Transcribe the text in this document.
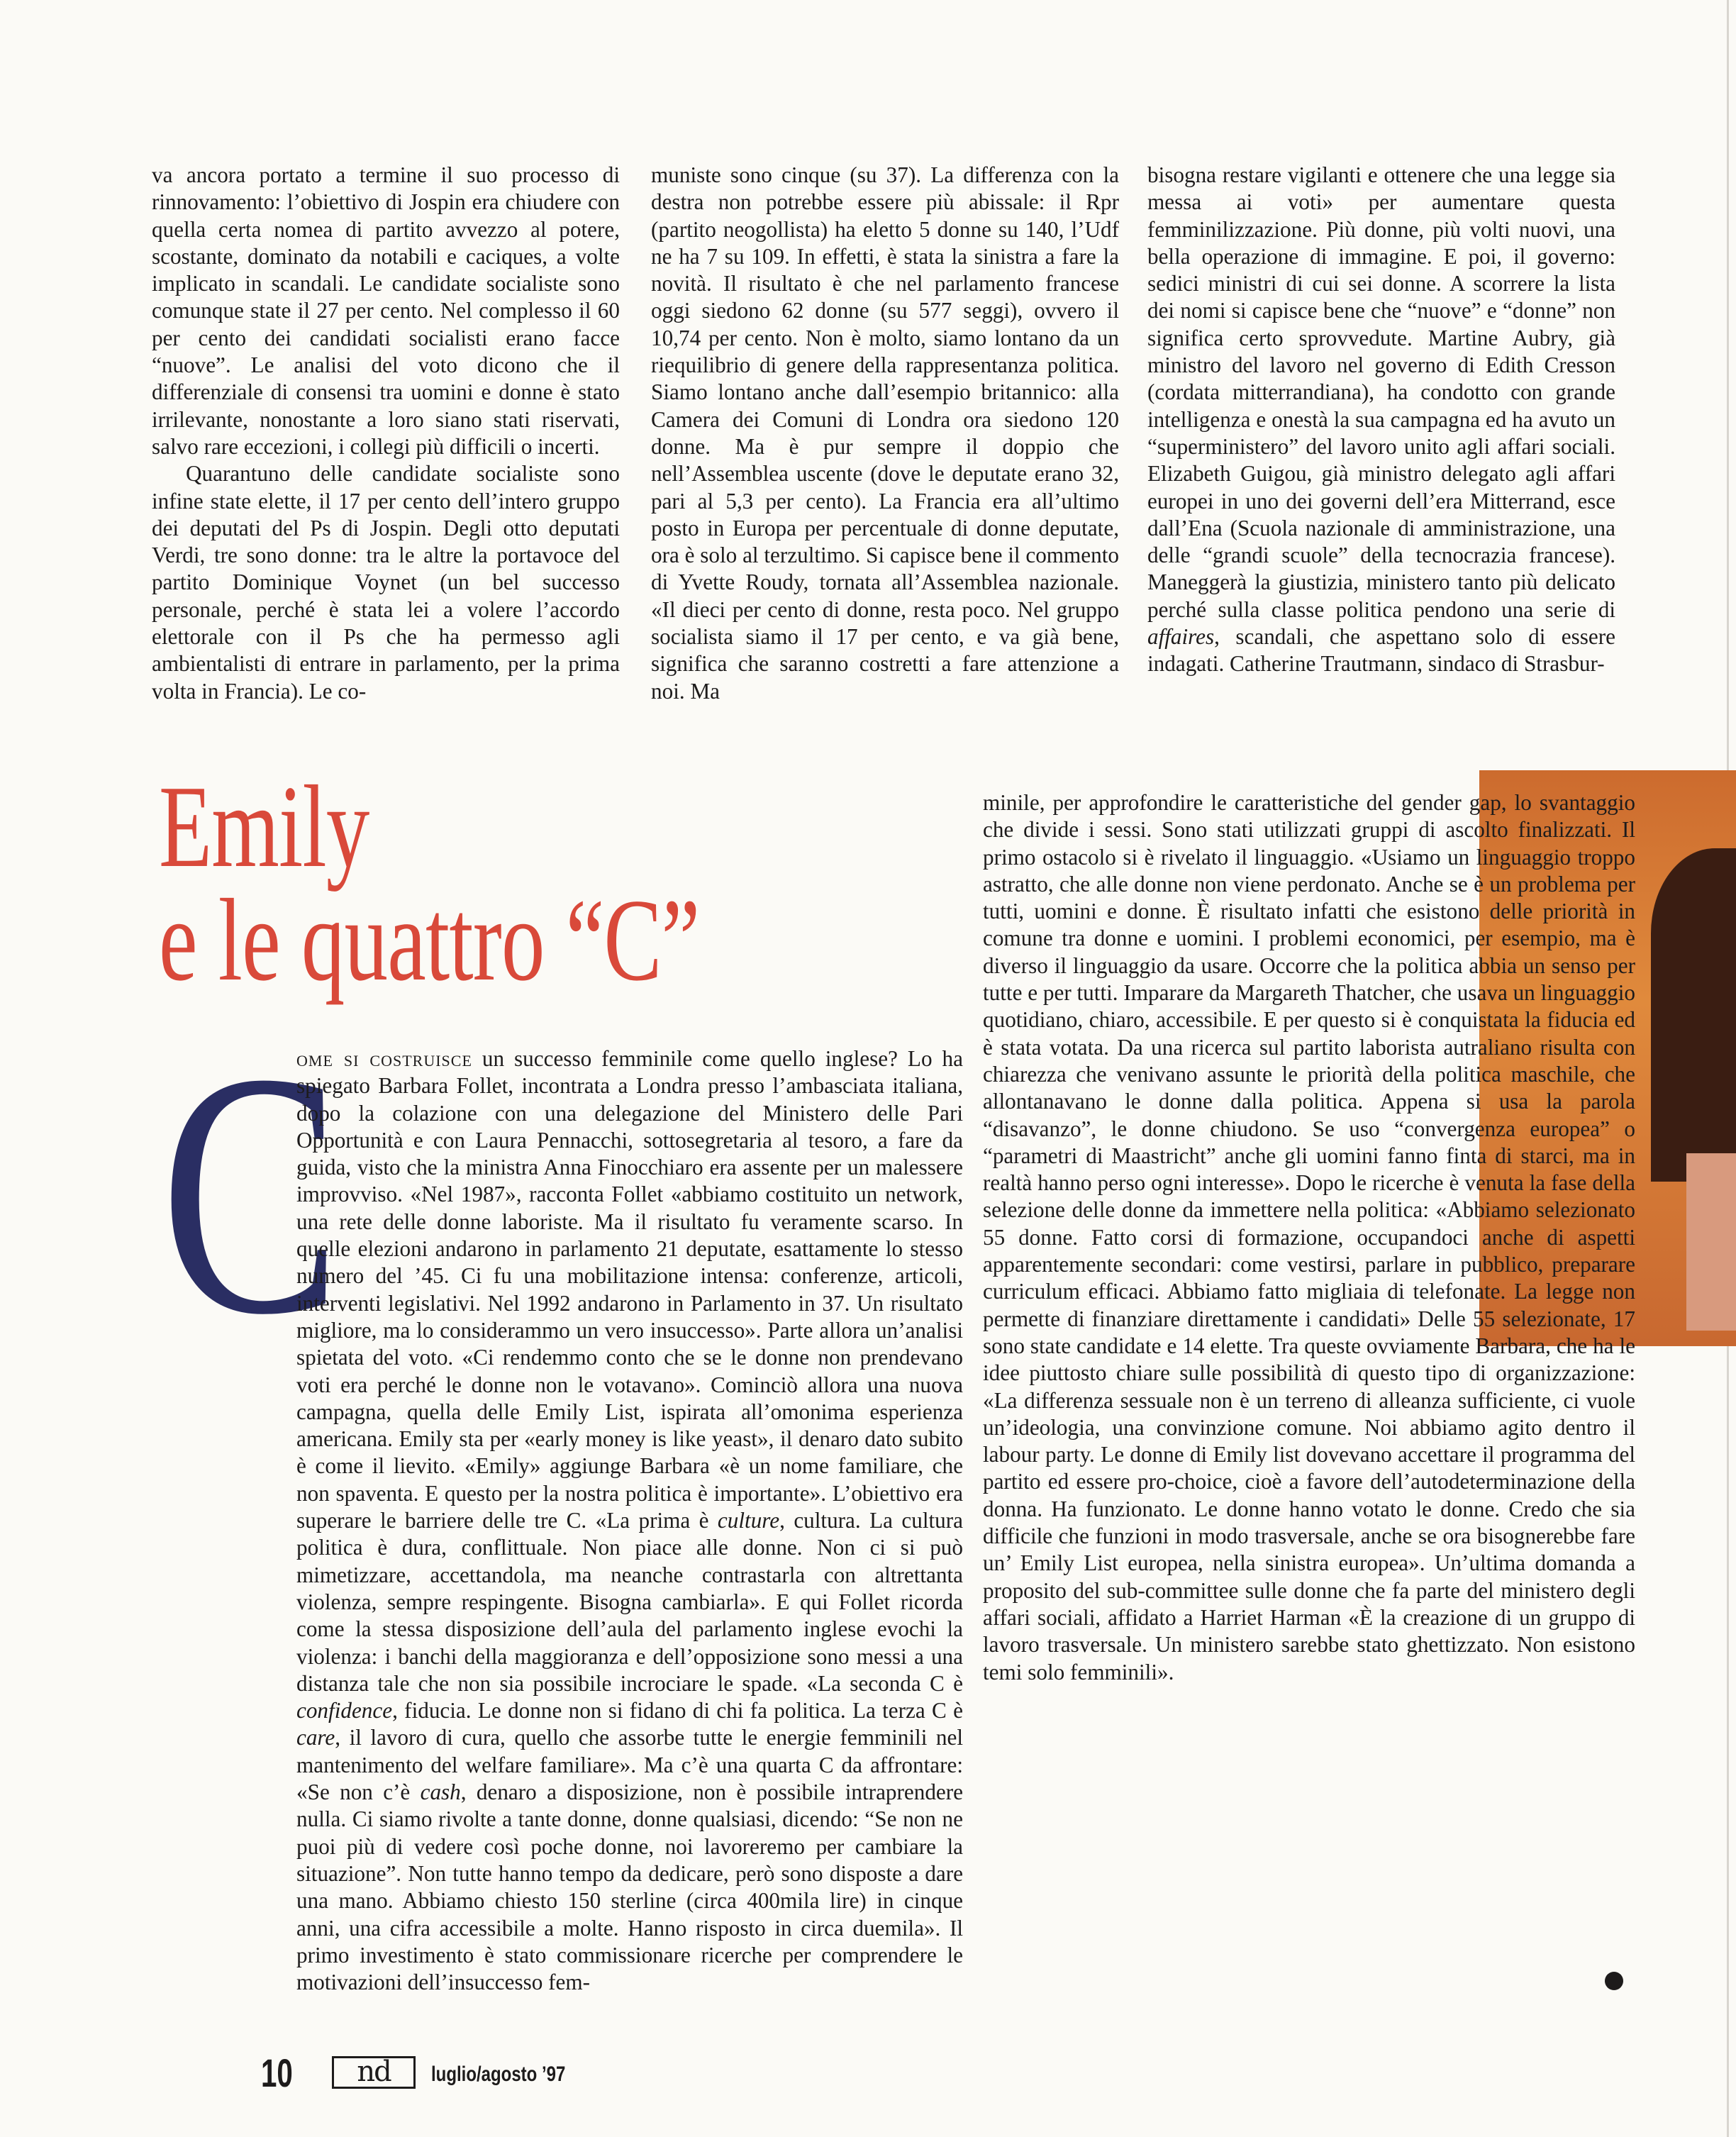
va ancora portato a termine il suo processo di rinnovamento: l’obiettivo di Jospin era chiudere con quella certa nomea di partito avvezzo al potere, scostante, dominato da notabili e caciques, a volte implicato in scandali. Le candidate socialiste sono comunque state il 27 per cento. Nel complesso il 60 per cento dei candidati socialisti erano facce “nuove”. Le analisi del voto dicono che il differenziale di consensi tra uomini e donne è stato irrilevante, nonostante a loro siano stati riservati, salvo rare eccezioni, i collegi più difficili o incerti.

Quarantuno delle candidate socialiste sono infine state elette, il 17 per cento dell’intero gruppo dei deputati del Ps di Jospin. Degli otto deputati Verdi, tre sono donne: tra le altre la portavoce del partito Dominique Voynet (un bel successo personale, perché è stata lei a volere l’accordo elettorale con il Ps che ha permesso agli ambientalisti di entrare in parlamento, per la prima volta in Francia). Le co-

muniste sono cinque (su 37). La differenza con la destra non potrebbe essere più abissale: il Rpr (partito neogollista) ha eletto 5 donne su 140, l’Udf ne ha 7 su 109. In effetti, è stata la sinistra a fare la novità. Il risultato è che nel parlamento francese oggi siedono 62 donne (su 577 seggi), ovvero il 10,74 per cento. Non è molto, siamo lontano da un riequilibrio di genere della rappresentanza politica. Siamo lontano anche dall’esempio britannico: alla Camera dei Comuni di Londra ora siedono 120 donne. Ma è pur sempre il doppio che nell’Assemblea uscente (dove le deputate erano 32, pari al 5,3 per cento). La Francia era all’ultimo posto in Europa per percentuale di donne deputate, ora è solo al terzultimo. Si capisce bene il commento di Yvette Roudy, tornata all’Assemblea nazionale. «Il dieci per cento di donne, resta poco. Nel gruppo socialista siamo il 17 per cento, e va già bene, significa che saranno costretti a fare attenzione a noi. Ma

bisogna restare vigilanti e ottenere che una legge sia messa ai voti» per aumentare questa femminilizzazione. Più donne, più volti nuovi, una bella operazione di immagine. E poi, il governo: sedici ministri di cui sei donne. A scorrere la lista dei nomi si capisce bene che “nuove” e “donne” non significa certo sprovvedute. Martine Aubry, già ministro del lavoro nel governo di Edith Cresson (cordata mitterrandiana), ha condotto con grande intelligenza e onestà la sua campagna ed ha avuto un “superministero” del lavoro unito agli affari sociali. Elizabeth Guigou, già ministro delegato agli affari europei in uno dei governi dell’era Mitterrand, esce dall’Ena (Scuola nazionale di amministrazione, una delle “grandi scuole” della tecnocrazia francese). Maneggerà la giustizia, ministero tanto più delicato perché sulla classe politica pendono una serie di affaires, scandali, che aspettano solo di essere indagati. Catherine Trautmann, sindaco di Strasbur-

Emily
e le quattro “C”
C

ome si costruisce un successo femminile come quello inglese? Lo ha spiegato Barbara Follet, incontrata a Londra presso l’ambasciata italiana, dopo la colazione con una delegazione del Ministero delle Pari Opportunità e con Laura Pennacchi, sottosegretaria al tesoro, a fare da guida, visto che la ministra Anna Finocchiaro era assente per un malessere improvviso. «Nel 1987», racconta Follet «abbiamo costituito un network, una rete delle donne laboriste. Ma il risultato fu veramente scarso. In quelle elezioni andarono in parlamento 21 deputate, esattamente lo stesso numero del ’45. Ci fu una mobilitazione intensa: conferenze, articoli, interventi legislativi. Nel 1992 andarono in Parlamento in 37. Un risultato migliore, ma lo considerammo un vero insuccesso». Parte allora un’analisi spietata del voto. «Ci rendemmo conto che se le donne non prendevano voti era perché le donne non le votavano». Cominciò allora una nuova campagna, quella delle Emily List, ispirata all’omonima esperienza americana. Emily sta per «early money is like yeast», il denaro dato subito è come il lievito. «Emily» aggiunge Barbara «è un nome familiare, che non spaventa. E questo per la nostra politica è importante». L’obiettivo era superare le barriere delle tre C. «La prima è culture, cultura. La cultura politica è dura, conflittuale. Non piace alle donne. Non ci si può mimetizzare, accettandola, ma neanche contrastarla con altrettanta violenza, sempre respingente. Bisogna cambiarla». E qui Follet ricorda come la stessa disposizione dell’aula del parlamento inglese evochi la violenza: i banchi della maggioranza e dell’opposizione sono messi a una distanza tale che non sia possibile incrociare le spade. «La seconda C è confidence, fiducia. Le donne non si fidano di chi fa politica. La terza C è care, il lavoro di cura, quello che assorbe tutte le energie femminili nel mantenimento del welfare familiare». Ma c’è una quarta C da affrontare: «Se non c’è cash, denaro a disposizione, non è possibile intraprendere nulla. Ci siamo rivolte a tante donne, donne qualsiasi, dicendo: “Se non ne puoi più di vedere così poche donne, noi lavoreremo per cambiare la situazione”. Non tutte hanno tempo da dedicare, però sono disposte a dare una mano. Abbiamo chiesto 150 sterline (circa 400mila lire) in cinque anni, una cifra accessibile a molte. Hanno risposto in circa duemila». Il primo investimento è stato commissionare ricerche per comprendere le motivazioni dell’insuccesso fem-

minile, per approfondire le caratteristiche del gender gap, lo svantaggio che divide i sessi. Sono stati utilizzati gruppi di ascolto finalizzati. Il primo ostacolo si è rivelato il linguaggio. «Usiamo un linguaggio troppo astratto, che alle donne non viene perdonato. Anche se è un problema per tutti, uomini e donne. È risultato infatti che esistono delle priorità in comune tra donne e uomini. I problemi economici, per esempio, ma è diverso il linguaggio da usare. Occorre che la politica abbia un senso per tutte e per tutti. Imparare da Margareth Thatcher, che usava un linguaggio quotidiano, chiaro, accessibile. E per questo si è conquistata la fiducia ed è stata votata. Da una ricerca sul partito laborista autraliano risulta con chiarezza che venivano assunte le priorità della politica maschile, che allontanavano le donne dalla politica. Appena si usa la parola “disavanzo”, le donne chiudono. Se uso “convergenza europea” o “parametri di Maastricht” anche gli uomini fanno finta di starci, ma in realtà hanno perso ogni interesse». Dopo le ricerche è venuta la fase della selezione delle donne da immettere nella politica: «Abbiamo selezionato 55 donne. Fatto corsi di formazione, occupandoci anche di aspetti apparentemente secondari: come vestirsi, parlare in pubblico, preparare curriculum efficaci. Abbiamo fatto migliaia di telefonate. La legge non permette di finanziare direttamente i candidati» Delle 55 selezionate, 17 sono state candidate e 14 elette. Tra queste ovviamente Barbara, che ha le idee piuttosto chiare sulle possibilità di questo tipo di organizzazione: «La differenza sessuale non è un terreno di alleanza sufficiente, ci vuole un’ideologia, una convinzione comune. Noi abbiamo agito dentro il labour party. Le donne di Emily list dovevano accettare il programma del partito ed essere pro-choice, cioè a favore dell’autodeterminazione della donna. Ha funzionato. Le donne hanno votato le donne. Credo che sia difficile che funzioni in modo trasversale, anche se ora bisognerebbe fare un’ Emily List europea, nella sinistra europea». Un’ultima domanda a proposito del sub-committee sulle donne che fa parte del ministero degli affari sociali, affidato a Harriet Harman «È la creazione di un gruppo di lavoro trasversale. Un ministero sarebbe stato ghettizzato. Non esistono temi solo femminili».

10	nd	luglio/agosto ’97
